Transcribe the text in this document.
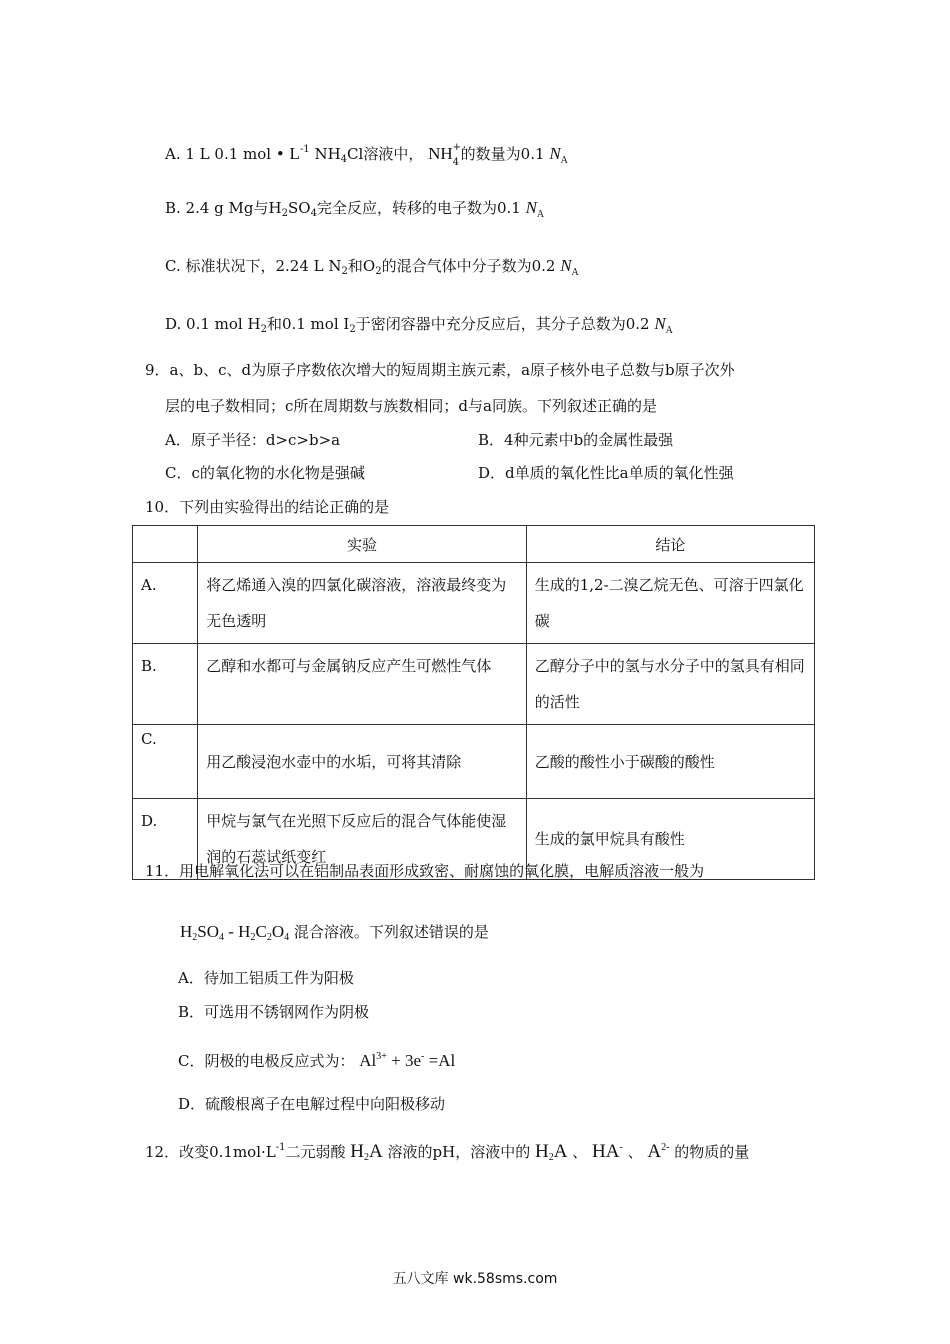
A. 1 L 0.1 mol • $L^{-1}$ $NH_4Cl$溶液中， NH +
4 的数量为0.1 $N_A$
B. 2.4 g Mg与$H_2SO_4$完全反应，转移的电子数为0.1 $N_A$
C. 标准状况下，2.24 L $N_2$和$O_2$的混合气体中分子数为0.2 $N_A$
D. 0.1 mol $H_2$和0.1 mol $I_2$于密闭容器中充分反应后，其分子总数为0.2 $N_A$
9．a、b、c、d为原子序数依次增大的短周期主族元素，a原子核外电子总数与b原子次外
层的电子数相同；c所在周期数与族数相同；d与a同族。下列叙述正确的是
A．原子半径：d>c>b>a	B．4种元素中b的金属性最强
C．c的氧化物的水化物是强碱	D．d单质的氧化性比a单质的氧化性强
10．下列由实验得出的结论正确的是
	实验	结论
A.	将乙烯通入溴的四氯化碳溶液，溶液最终变为无色透明	生成的1,2-二溴乙烷无色、可溶于四氯化碳
B.	乙醇和水都可与金属钠反应产生可燃性气体	乙醇分子中的氢与水分子中的氢具有相同的活性
C.	用乙酸浸泡水壶中的水垢，可将其清除	乙酸的酸性小于碳酸的酸性
D.	甲烷与氯气在光照下反应后的混合气体能使湿润的石蕊试纸变红	生成的氯甲烷具有酸性
11．用电解氧化法可以在铝制品表面形成致密、耐腐蚀的氧化膜，电解质溶液一般为
$H_2SO_4 - H_2C_2O_4$ 混合溶液。下列叙述错误的是
A．待加工铝质工件为阳极
B．可选用不锈钢网作为阴极
C．阴极的电极反应式为： $Al^{3+} + 3e^- =Al$
D．硫酸根离子在电解过程中向阳极移动
12．改变$0.1mol\cdot L^{-1}$二元弱酸 $H_2A$ 溶液的pH，溶液中的 $H_2A$ 、 HA- 、 $A^{2-}$ 的物质的量
五八文库 wk.58sms.com
